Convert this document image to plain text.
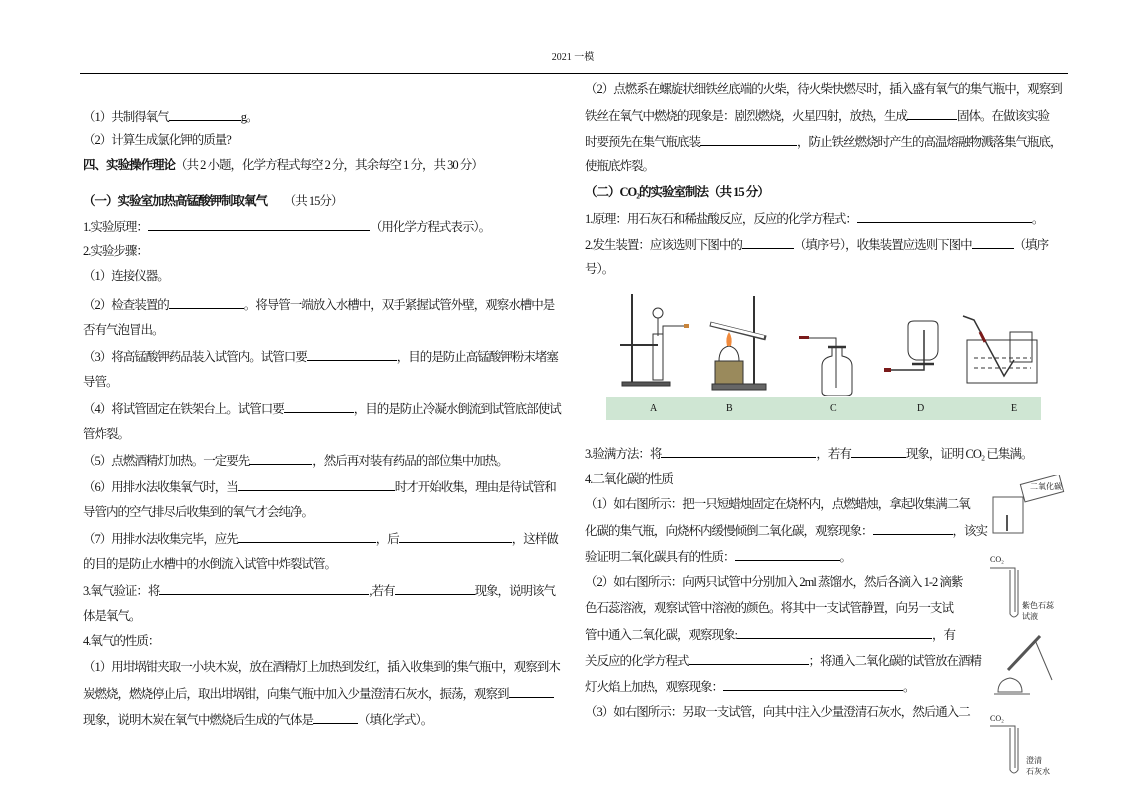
2021 一模
（1）共制得氧气	g。
（2）计算生成氯化钾的质量?
四、实验操作理论（共 2 小题，化学方程式每空 2 分，其余每空 1 分，共 30 分）
（一）实验室加热高锰酸钾制取氧气　　（共 15分）
1.实验原理：	（用化学方程式表示）。
2.实验步骤：
（1）连接仪器。
（2）检查装置的	。将导管一端放入水槽中，双手紧握试管外壁，观察水槽中是
否有气泡冒出。
（3）将高锰酸钾药品装入试管内。试管口要	，目的是防止高锰酸钾粉末堵塞
导管。
（4）将试管固定在铁架台上。试管口要	，目的是防止冷凝水倒流到试管底部使试
管炸裂。
（5）点燃酒精灯加热。一定要先	，然后再对装有药品的部位集中加热。
（6）用排水法收集氧气时，当	时才开始收集，理由是待试管和
导管内的空气排尽后收集到的氧气才会纯净。
（7）用排水法收集完毕，应先	，后	，这样做
的目的是防止水槽中的水倒流入试管中炸裂试管。
3.氧气验证：将	,若有	现象，说明该气
体是氧气。
4.氧气的性质：
（1）用坩埚钳夹取一小块木炭，放在酒精灯上加热到发红，插入收集到的集气瓶中，观察到木
炭燃烧，燃烧停止后，取出坩埚钳，向集气瓶中加入少量澄清石灰水，振荡，观察到
现象，说明木炭在氧气中燃烧后生成的气体是	（填化学式）。
（2）点燃系在螺旋状细铁丝底端的火柴，待火柴快燃尽时，插入盛有氧气的集气瓶中，观察到
铁丝在氧气中燃烧的现象是：剧烈燃烧，火星四射，放热，生成	固体。在做该实验
时要预先在集气瓶底装	，防止铁丝燃烧时产生的高温熔融物溅落集气瓶底，
使瓶底炸裂。
（二）CO₂的实验室制法（共 15 分）
1.原理：用石灰石和稀盐酸反应，反应的化学方程式：	。
2.发生装置：应该选则下图中的	（填序号），收集装置应选则下图中	（填序
号）。
3.验满方法：将	，若有	现象，证明 CO₂ 已集满。
4.二氧化碳的性质
（1）如右图所示：把一只短蜡烛固定在烧杯内，点燃蜡烛，拿起收集满二氧
化碳的集气瓶，向烧杯内缓慢倾倒二氧化碳，观察现象：	，该实
验证明二氧化碳具有的性质：	。
（2）如右图所示：向两只试管中分别加入 2ml 蒸馏水，然后各滴入 1-2 滴紫
色石蕊溶液，观察试管中溶液的颜色。将其中一支试管静置，向另一支试
管中通入二氧化碳，观察现象:	，有
关反应的化学方程式	；将通入二氧化碳的试管放在酒精
灯火焰上加热，观察现象：	。
（3）如右图所示：另取一支试管，向其中注入少量澄清石灰水，然后通入二
A	B	C	D	E
二氧化碳
CO₂
紫色石蕊
试液
CO₂
澄清
石灰水
